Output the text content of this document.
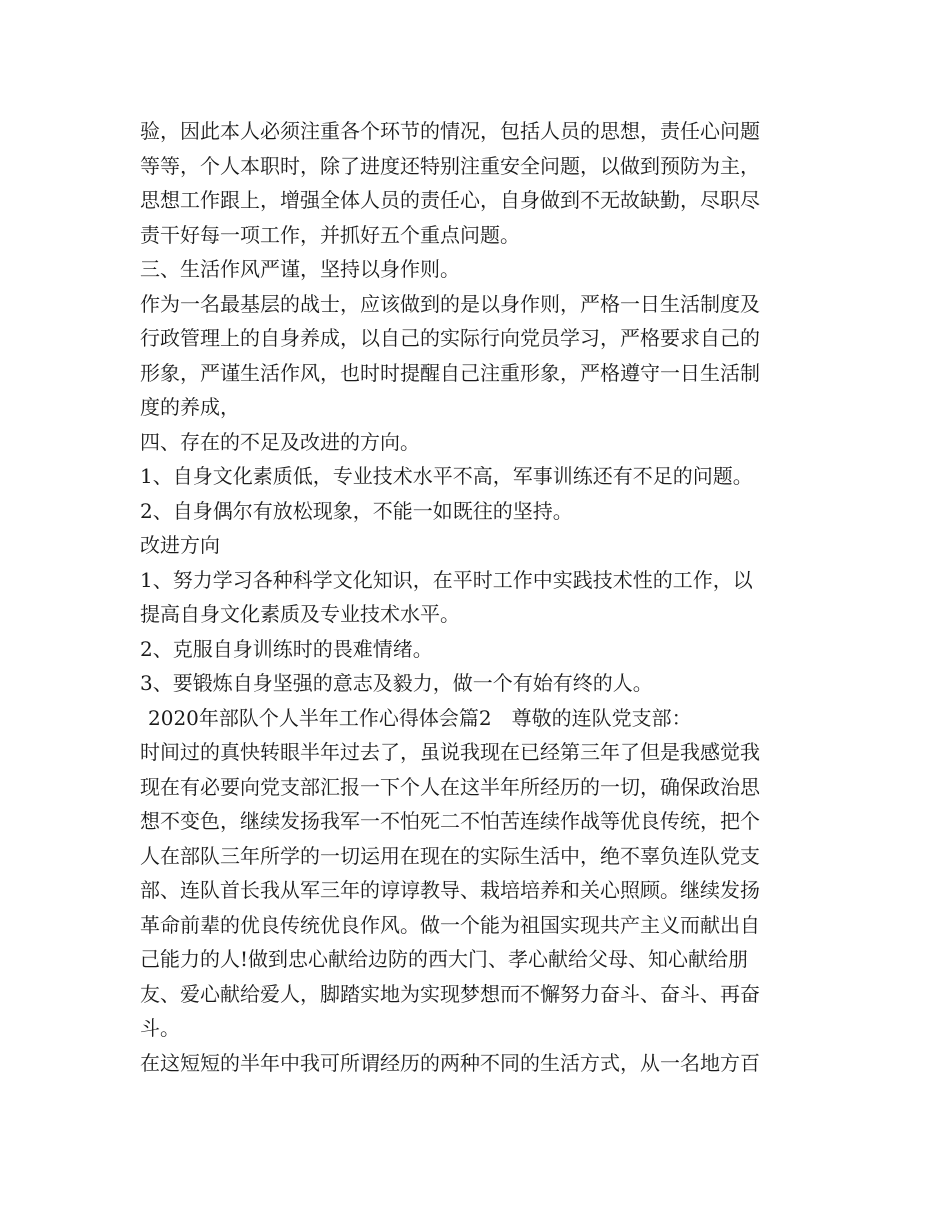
验，因此本人必须注重各个环节的情况，包括人员的思想，责任心问题
等等，个人本职时，除了进度还特别注重安全问题，以做到预防为主，
思想工作跟上，增强全体人员的责任心，自身做到不无故缺勤，尽职尽
责干好每一项工作，并抓好五个重点问题。
三、生活作风严谨，坚持以身作则。
作为一名最基层的战士，应该做到的是以身作则，严格一日生活制度及
行政管理上的自身养成，以自己的实际行向党员学习，严格要求自己的
形象，严谨生活作风，也时时提醒自己注重形象，严格遵守一日生活制
度的养成，
四、存在的不足及改进的方向。
1、自身文化素质低，专业技术水平不高，军事训练还有不足的问题。
2、自身偶尔有放松现象，不能一如既往的坚持。
改进方向
1、努力学习各种科学文化知识，在平时工作中实践技术性的工作，以
提高自身文化素质及专业技术水平。
2、克服自身训练时的畏难情绪。
3、要锻炼自身坚强的意志及毅力，做一个有始有终的人。
2020年部队个人半年工作心得体会篇2　尊敬的连队党支部：
时间过的真快转眼半年过去了，虽说我现在已经第三年了但是我感觉我
现在有必要向党支部汇报一下个人在这半年所经历的一切，确保政治思
想不变色，继续发扬我军一不怕死二不怕苦连续作战等优良传统，把个
人在部队三年所学的一切运用在现在的实际生活中，绝不辜负连队党支
部、连队首长我从军三年的谆谆教导、栽培培养和关心照顾。继续发扬
革命前辈的优良传统优良作风。做一个能为祖国实现共产主义而献出自
己能力的人!做到忠心献给边防的西大门、孝心献给父母、知心献给朋
友、爱心献给爱人，脚踏实地为实现梦想而不懈努力奋斗、奋斗、再奋
斗。
在这短短的半年中我可所谓经历的两种不同的生活方式，从一名地方百
